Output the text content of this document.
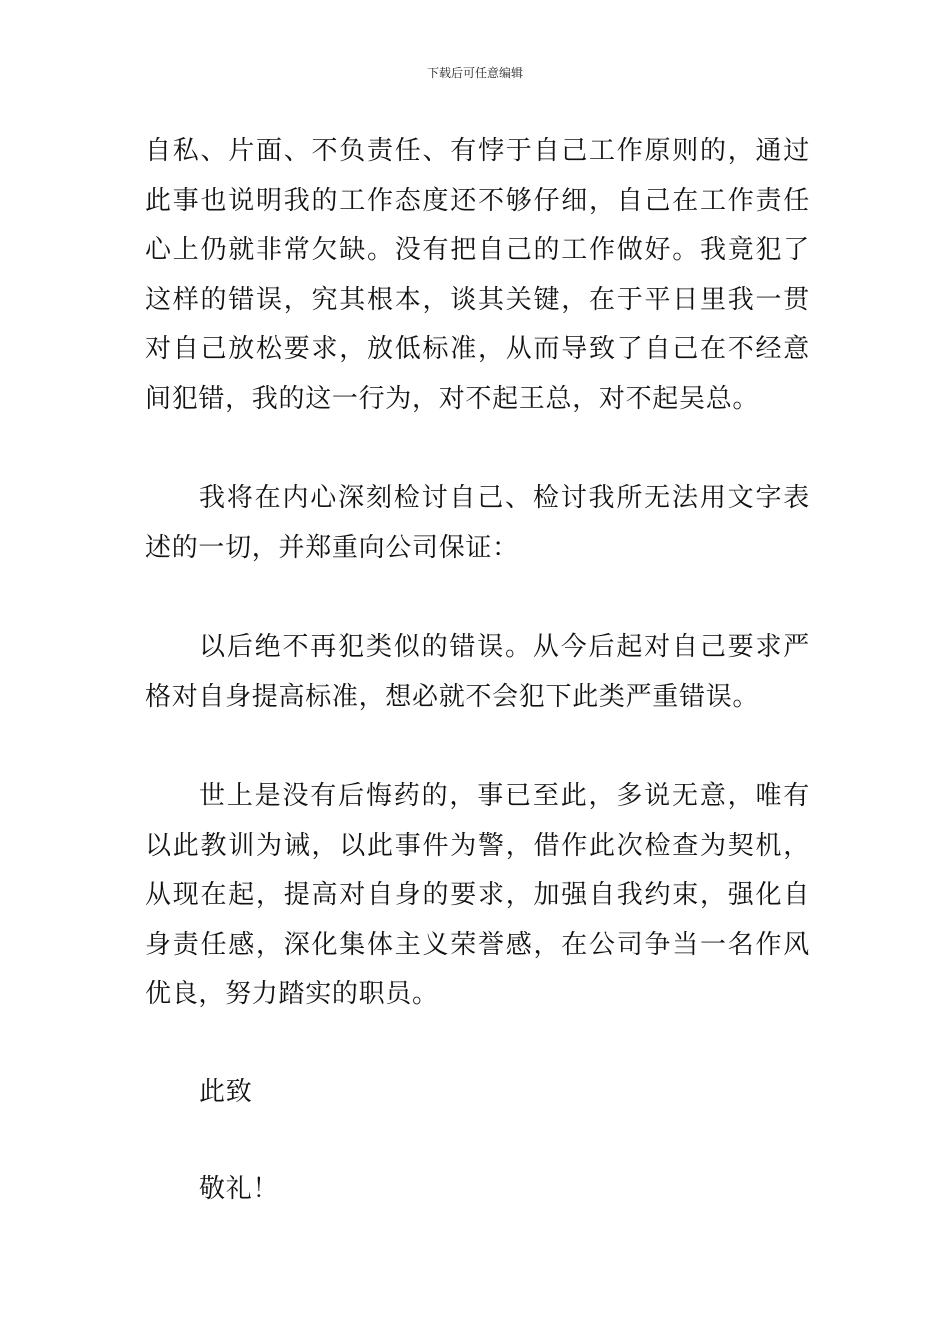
下载后可任意编辑

自私、片面、不负责任、有悖于自己工作原则的，通过此事也说明我的工作态度还不够仔细，自己在工作责任心上仍就非常欠缺。没有把自己的工作做好。我竟犯了这样的错误，究其根本，谈其关键，在于平日里我一贯对自己放松要求，放低标准，从而导致了自己在不经意间犯错，我的这一行为，对不起王总，对不起吴总。

我将在内心深刻检讨自己、检讨我所无法用文字表述的一切，并郑重向公司保证：

以后绝不再犯类似的错误。从今后起对自己要求严格对自身提高标准，想必就不会犯下此类严重错误。

世上是没有后悔药的，事已至此，多说无意，唯有以此教训为诫，以此事件为警，借作此次检查为契机，从现在起，提高对自身的要求，加强自我约束，强化自身责任感，深化集体主义荣誉感，在公司争当一名作风优良，努力踏实的职员。

此致

敬礼！
